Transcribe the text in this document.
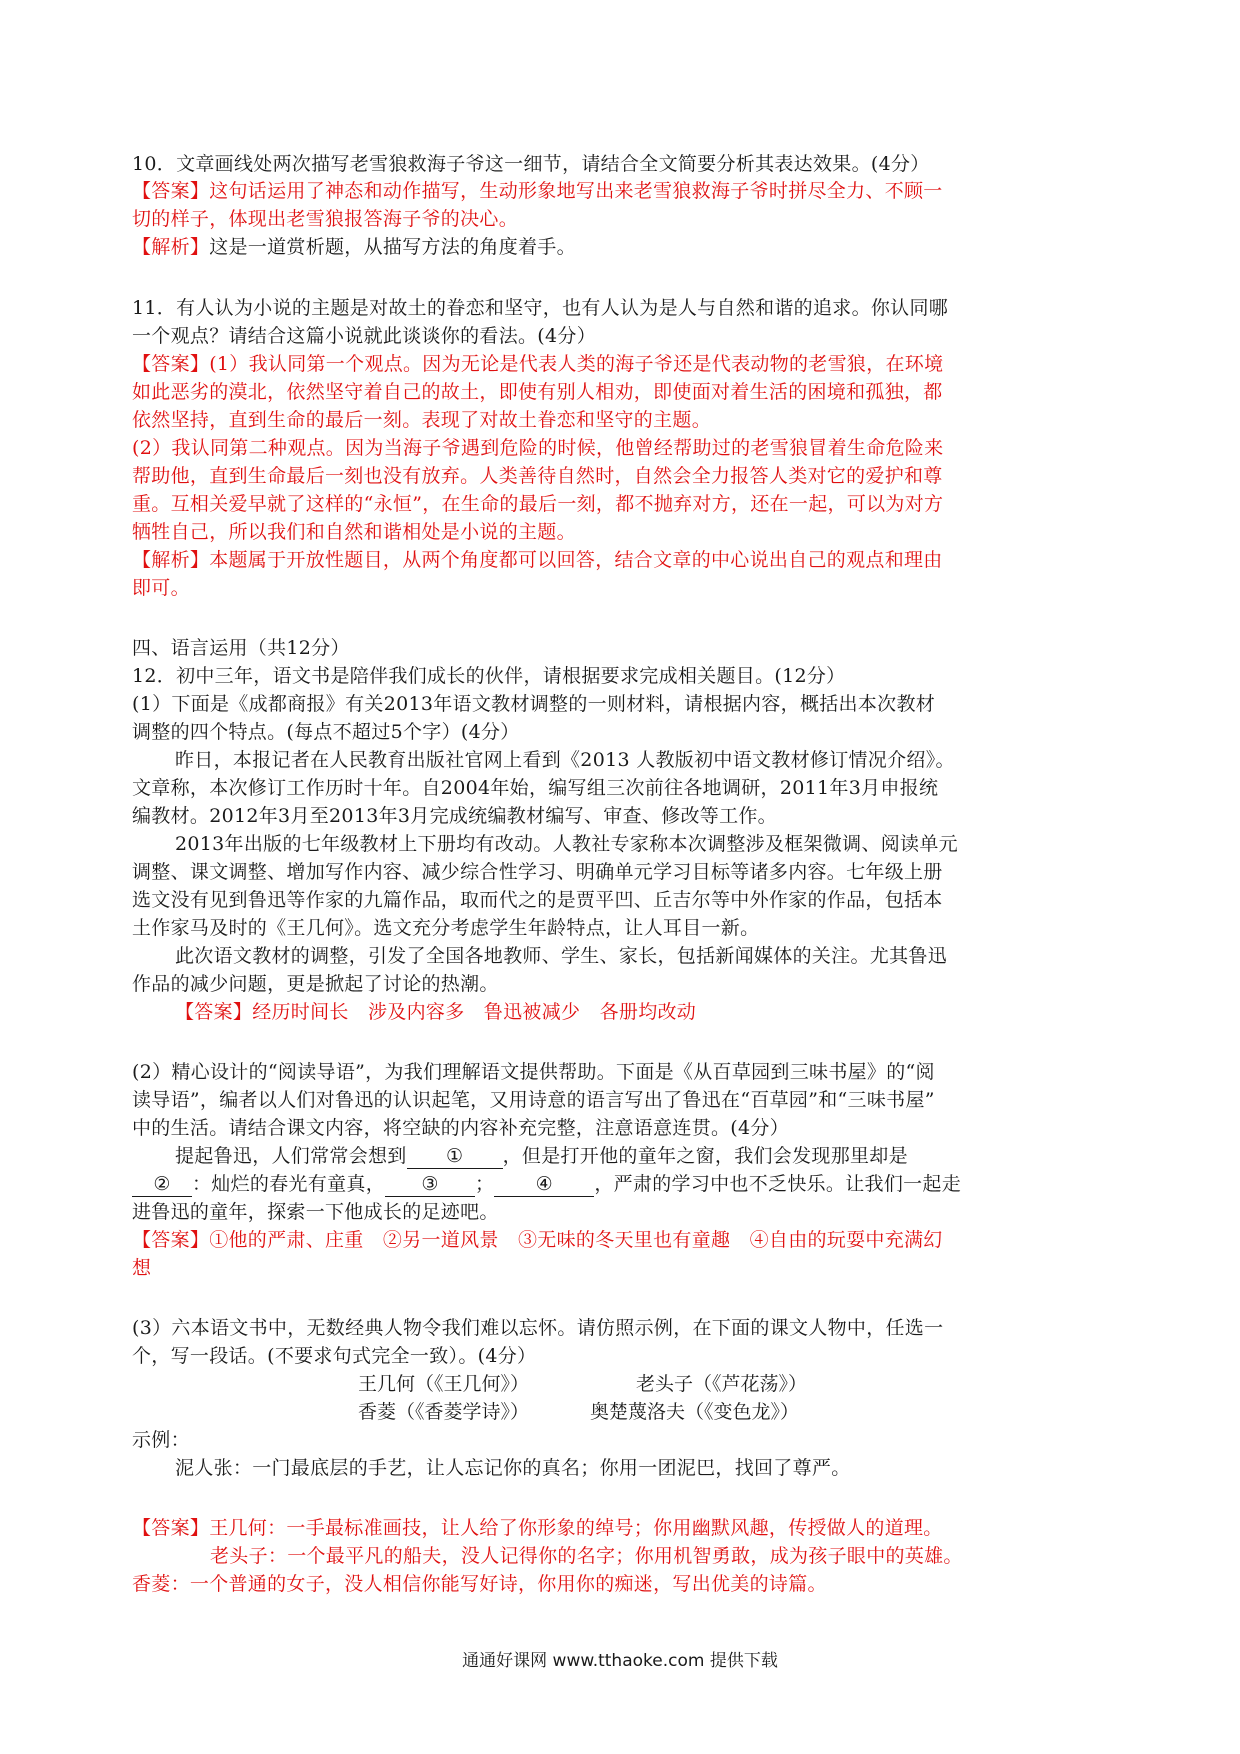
10．文章画线处两次描写老雪狼救海子爷这一细节，请结合全文简要分析其表达效果。(4分）
【答案】这句话运用了神态和动作描写，生动形象地写出来老雪狼救海子爷时拼尽全力、不顾一
切的样子，体现出老雪狼报答海子爷的决心。
【解析】这是一道赏析题，从描写方法的角度着手。
11．有人认为小说的主题是对故土的眷恋和坚守，也有人认为是人与自然和谐的追求。你认同哪
一个观点？请结合这篇小说就此谈谈你的看法。(4分）
【答案】(1）我认同第一个观点。因为无论是代表人类的海子爷还是代表动物的老雪狼，在环境
如此恶劣的漠北，依然坚守着自己的故土，即使有别人相劝，即使面对着生活的困境和孤独，都
依然坚持，直到生命的最后一刻。表现了对故土眷恋和坚守的主题。
(2）我认同第二种观点。因为当海子爷遇到危险的时候，他曾经帮助过的老雪狼冒着生命危险来
帮助他，直到生命最后一刻也没有放弃。人类善待自然时，自然会全力报答人类对它的爱护和尊
重。互相关爱早就了这样的“永恒”，在生命的最后一刻，都不抛弃对方，还在一起，可以为对方
牺牲自己，所以我们和自然和谐相处是小说的主题。
【解析】本题属于开放性题目，从两个角度都可以回答，结合文章的中心说出自己的观点和理由
即可。
四、语言运用（共12分）
12．初中三年，语文书是陪伴我们成长的伙伴，请根据要求完成相关题目。(12分）
(1）下面是《成都商报》有关2013年语文教材调整的一则材料，请根据内容，概括出本次教材
调整的四个特点。(每点不超过5个字）(4分）
昨日，本报记者在人民教育出版社官网上看到《2013 人教版初中语文教材修订情况介绍》。
文章称，本次修订工作历时十年。自2004年始，编写组三次前往各地调研，2011年3月申报统
编教材。2012年3月至2013年3月完成统编教材编写、审查、修改等工作。
2013年出版的七年级教材上下册均有改动。人教社专家称本次调整涉及框架微调、阅读单元
调整、课文调整、增加写作内容、减少综合性学习、明确单元学习目标等诸多内容。七年级上册
选文没有见到鲁迅等作家的九篇作品，取而代之的是贾平凹、丘吉尔等中外作家的作品，包括本
土作家马及时的《王几何》。选文充分考虑学生年龄特点，让人耳目一新。
此次语文教材的调整，引发了全国各地教师、学生、家长，包括新闻媒体的关注。尤其鲁迅
作品的减少问题，更是掀起了讨论的热潮。
【答案】经历时间长　涉及内容多　鲁迅被减少　各册均改动
(2）精心设计的“阅读导语”，为我们理解语文提供帮助。下面是《从百草园到三味书屋》的“阅
读导语”，编者以人们对鲁迅的认识起笔，又用诗意的语言写出了鲁迅在“百草园”和“三味书屋”
中的生活。请结合课文内容，将空缺的内容补充完整，注意语意连贯。(4分）
提起鲁迅，人们常常会想到 ① ，但是打开他的童年之窗，我们会发现那里却是
② ：灿烂的春光有童真， ③ ； ④ ，严肃的学习中也不乏快乐。让我们一起走
进鲁迅的童年，探索一下他成长的足迹吧。
【答案】①他的严肃、庄重　②另一道风景　③无味的冬天里也有童趣　④自由的玩耍中充满幻
想
(3）六本语文书中，无数经典人物令我们难以忘怀。请仿照示例，在下面的课文人物中，任选一
个，写一段话。(不要求句式完全一致）。(4分）
王几何（《王几何》）	老头子（《芦花荡》）
香菱（《香菱学诗》）	奥楚蔑洛夫（《变色龙》）
示例：
泥人张：一门最底层的手艺，让人忘记你的真名；你用一团泥巴，找回了尊严。
【答案】王几何：一手最标准画技，让人给了你形象的绰号；你用幽默风趣，传授做人的道理。
老头子：一个最平凡的船夫，没人记得你的名字；你用机智勇敢，成为孩子眼中的英雄。
香菱：一个普通的女子，没人相信你能写好诗，你用你的痴迷，写出优美的诗篇。
通通好课网 www.tthaoke.com 提供下载
